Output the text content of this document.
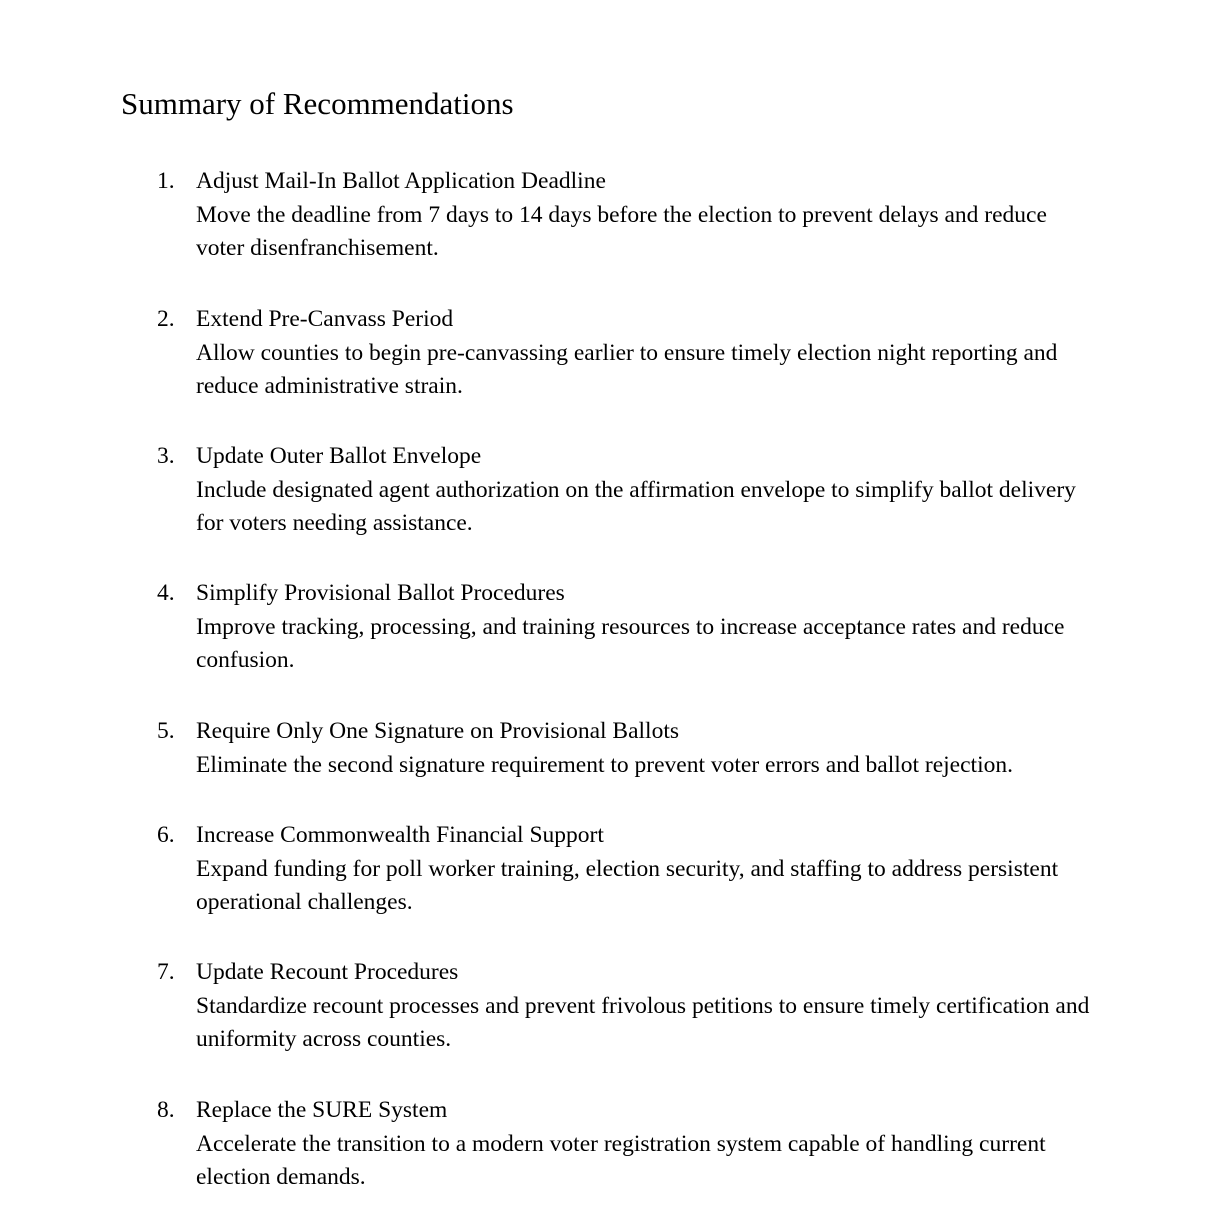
Summary of Recommendations
1. Adjust Mail-In Ballot Application Deadline
Move the deadline from 7 days to 14 days before the election to prevent delays and reduce voter disenfranchisement.
2. Extend Pre-Canvass Period
Allow counties to begin pre-canvassing earlier to ensure timely election night reporting and reduce administrative strain.
3. Update Outer Ballot Envelope
Include designated agent authorization on the affirmation envelope to simplify ballot delivery for voters needing assistance.
4. Simplify Provisional Ballot Procedures
Improve tracking, processing, and training resources to increase acceptance rates and reduce confusion.
5. Require Only One Signature on Provisional Ballots
Eliminate the second signature requirement to prevent voter errors and ballot rejection.
6. Increase Commonwealth Financial Support
Expand funding for poll worker training, election security, and staffing to address persistent operational challenges.
7. Update Recount Procedures
Standardize recount processes and prevent frivolous petitions to ensure timely certification and uniformity across counties.
8. Replace the SURE System
Accelerate the transition to a modern voter registration system capable of handling current election demands.
